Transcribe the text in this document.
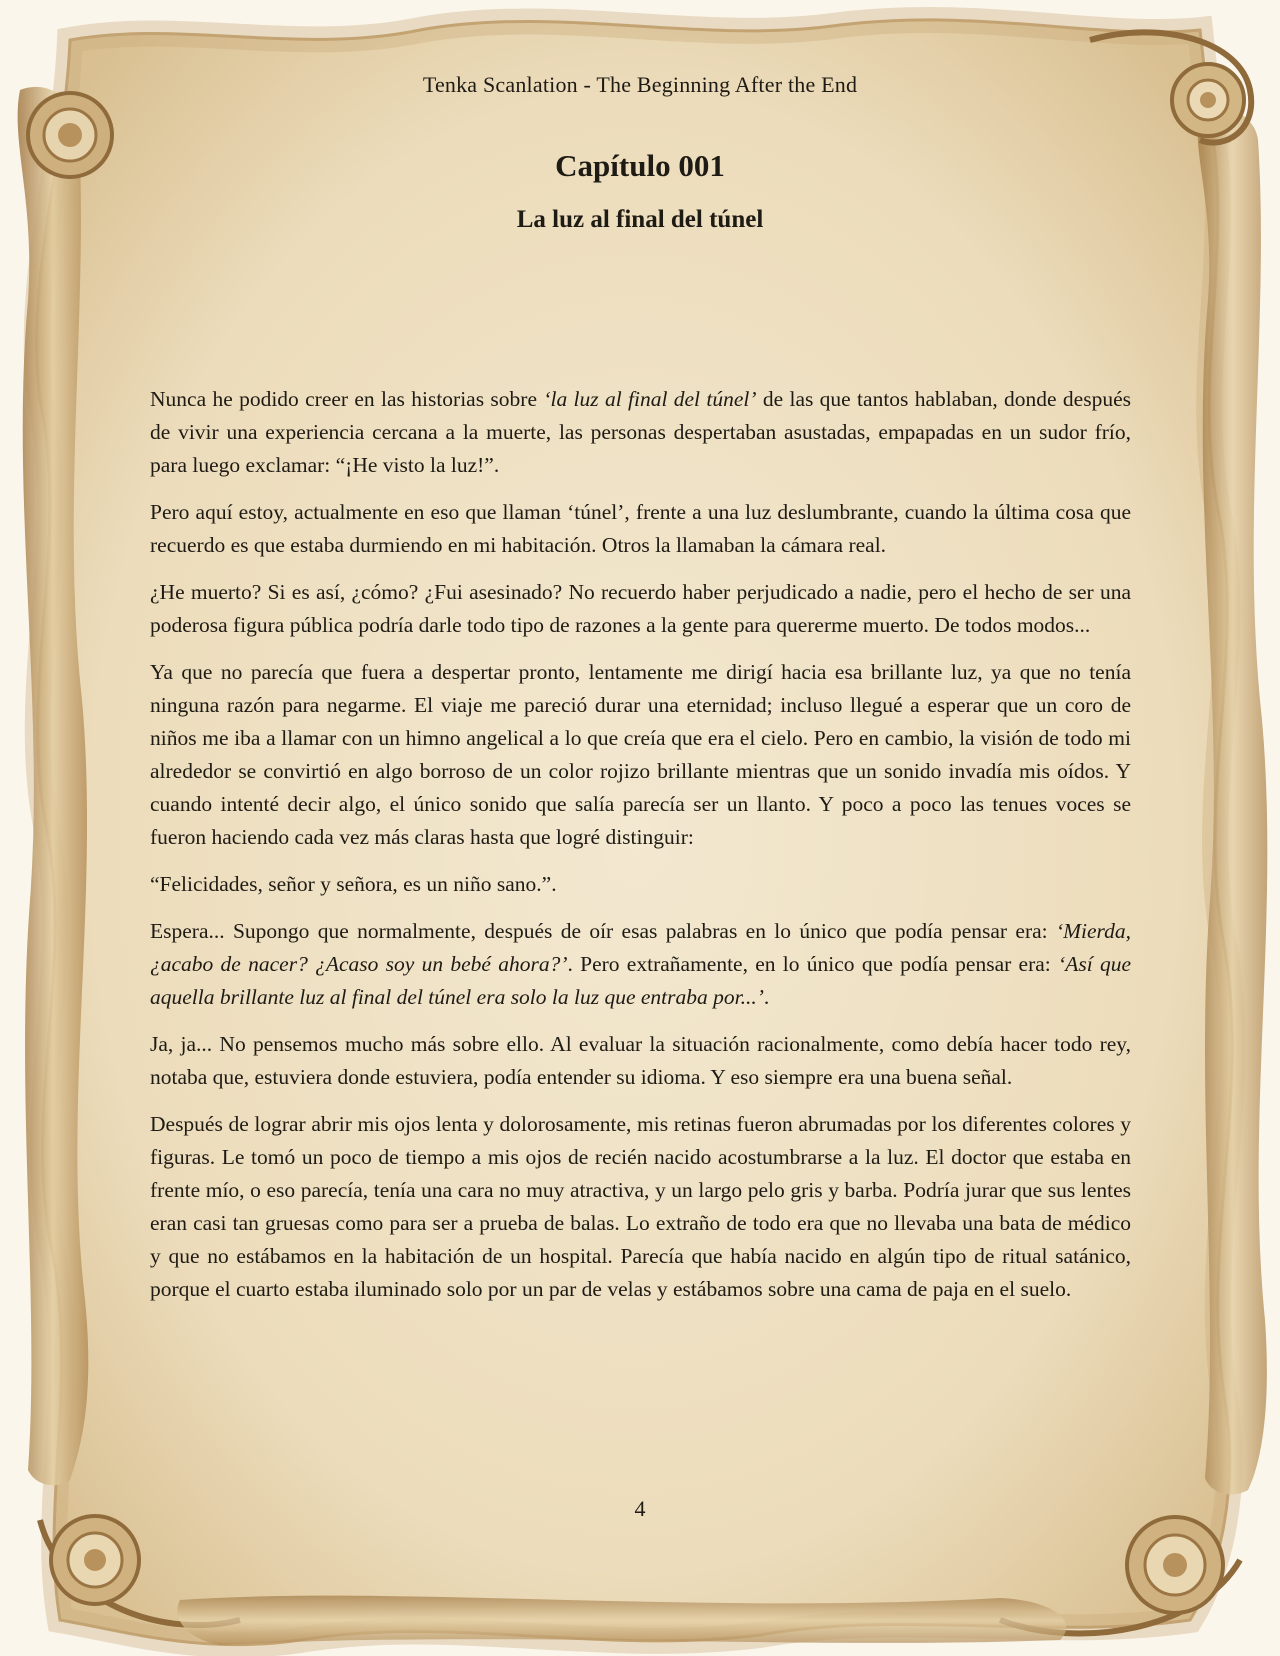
Tenka Scanlation - The Beginning After the End
Capítulo 001
La luz al final del túnel

Nunca he podido creer en las historias sobre ‘la luz al final del túnel’ de las que tantos hablaban, donde después de vivir una experiencia cercana a la muerte, las personas despertaban asustadas, empapadas en un sudor frío, para luego exclamar: “¡He visto la luz!”.

Pero aquí estoy, actualmente en eso que llaman ‘túnel’, frente a una luz deslumbrante, cuando la última cosa que recuerdo es que estaba durmiendo en mi habitación. Otros la llamaban la cámara real.

¿He muerto? Si es así, ¿cómo? ¿Fui asesinado? No recuerdo haber perjudicado a nadie, pero el hecho de ser una poderosa figura pública podría darle todo tipo de razones a la gente para quererme muerto. De todos modos...

Ya que no parecía que fuera a despertar pronto, lentamente me dirigí hacia esa brillante luz, ya que no tenía ninguna razón para negarme. El viaje me pareció durar una eternidad; incluso llegué a esperar que un coro de niños me iba a llamar con un himno angelical a lo que creía que era el cielo. Pero en cambio, la visión de todo mi alrededor se convirtió en algo borroso de un color rojizo brillante mientras que un sonido invadía mis oídos. Y cuando intenté decir algo, el único sonido que salía parecía ser un llanto. Y poco a poco las tenues voces se fueron haciendo cada vez más claras hasta que logré distinguir:

“Felicidades, señor y señora, es un niño sano.”.

Espera... Supongo que normalmente, después de oír esas palabras en lo único que podía pensar era: ‘Mierda, ¿acabo de nacer? ¿Acaso soy un bebé ahora?’. Pero extrañamente, en lo único que podía pensar era: ‘Así que aquella brillante luz al final del túnel era solo la luz que entraba por...’.

Ja, ja... No pensemos mucho más sobre ello. Al evaluar la situación racionalmente, como debía hacer todo rey, notaba que, estuviera donde estuviera, podía entender su idioma. Y eso siempre era una buena señal.

Después de lograr abrir mis ojos lenta y dolorosamente, mis retinas fueron abrumadas por los diferentes colores y figuras. Le tomó un poco de tiempo a mis ojos de recién nacido acostumbrarse a la luz. El doctor que estaba en frente mío, o eso parecía, tenía una cara no muy atractiva, y un largo pelo gris y barba. Podría jurar que sus lentes eran casi tan gruesas como para ser a prueba de balas. Lo extraño de todo era que no llevaba una bata de médico y que no estábamos en la habitación de un hospital. Parecía que había nacido en algún tipo de ritual satánico, porque el cuarto estaba iluminado solo por un par de velas y estábamos sobre una cama de paja en el suelo.

4
